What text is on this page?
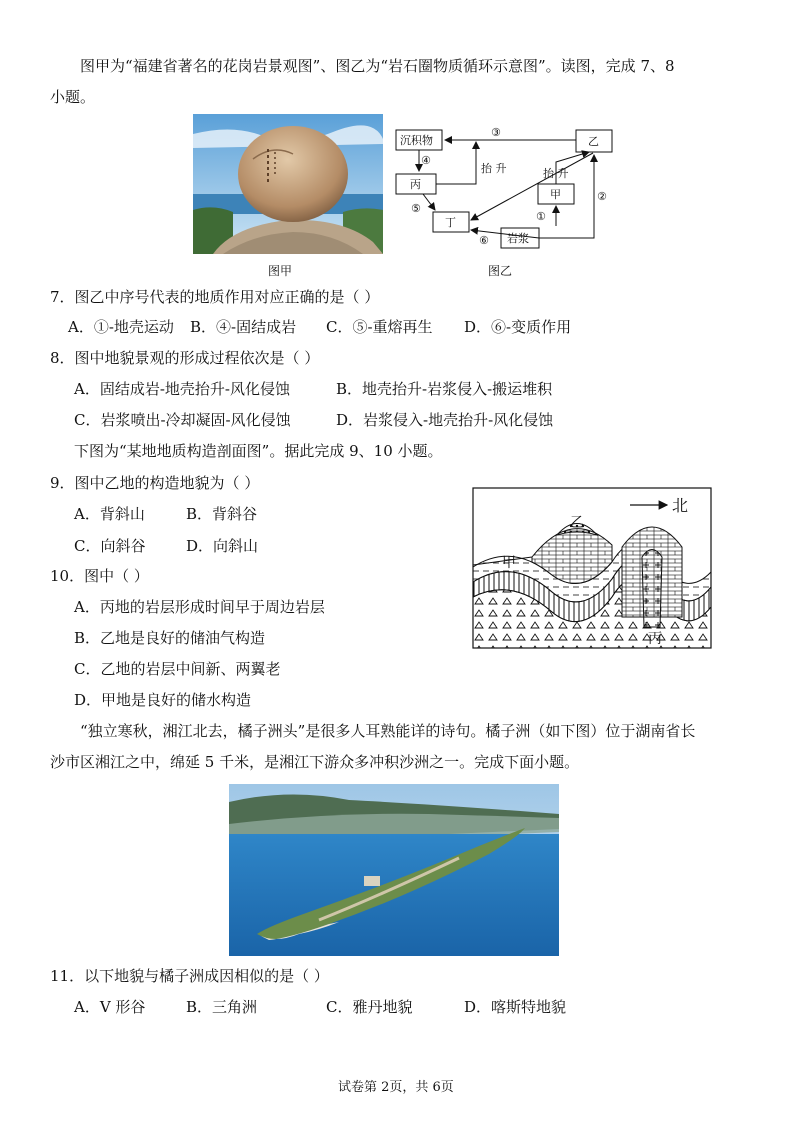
图甲为“福建省著名的花岗岩景观图”、图乙为“岩石圈物质循环示意图”。读图，完成 7、8
小题。
图甲
沉积物
丙
丁
甲
乙
岩浆
抬 升	抬 升
③
④
⑤
⑥
①
②
图乙
7．图乙中序号代表的地质作用对应正确的是（ ）
A．①-地壳运动 B．④-固结成岩 C．⑤-重熔再生 D．⑥-变质作用
8．图中地貌景观的形成过程依次是（ ）
A．固结成岩-地壳抬升-风化侵蚀	B．地壳抬升-岩浆侵入-搬运堆积
C．岩浆喷出-冷却凝固-风化侵蚀	D．岩浆侵入-地壳抬升-风化侵蚀
下图为“某地地质构造剖面图”。据此完成 9、10 小题。
9．图中乙地的构造地貌为（ ）
A．背斜山	B．背斜谷
C．向斜谷	D．向斜山
北
乙
甲
丙
10．图中（ ）
A．丙地的岩层形成时间早于周边岩层
B．乙地是良好的储油气构造
C．乙地的岩层中间新、两翼老
D．甲地是良好的储水构造
“独立寒秋，湘江北去，橘子洲头”是很多人耳熟能详的诗句。橘子洲（如下图）位于湖南省长
沙市区湘江之中，绵延 5 千米，是湘江下游众多冲积沙洲之一。完成下面小题。
11．以下地貌与橘子洲成因相似的是（ ）
A．V 形谷	B．三角洲	C．雅丹地貌	D．喀斯特地貌
试卷第 2页，共 6页
